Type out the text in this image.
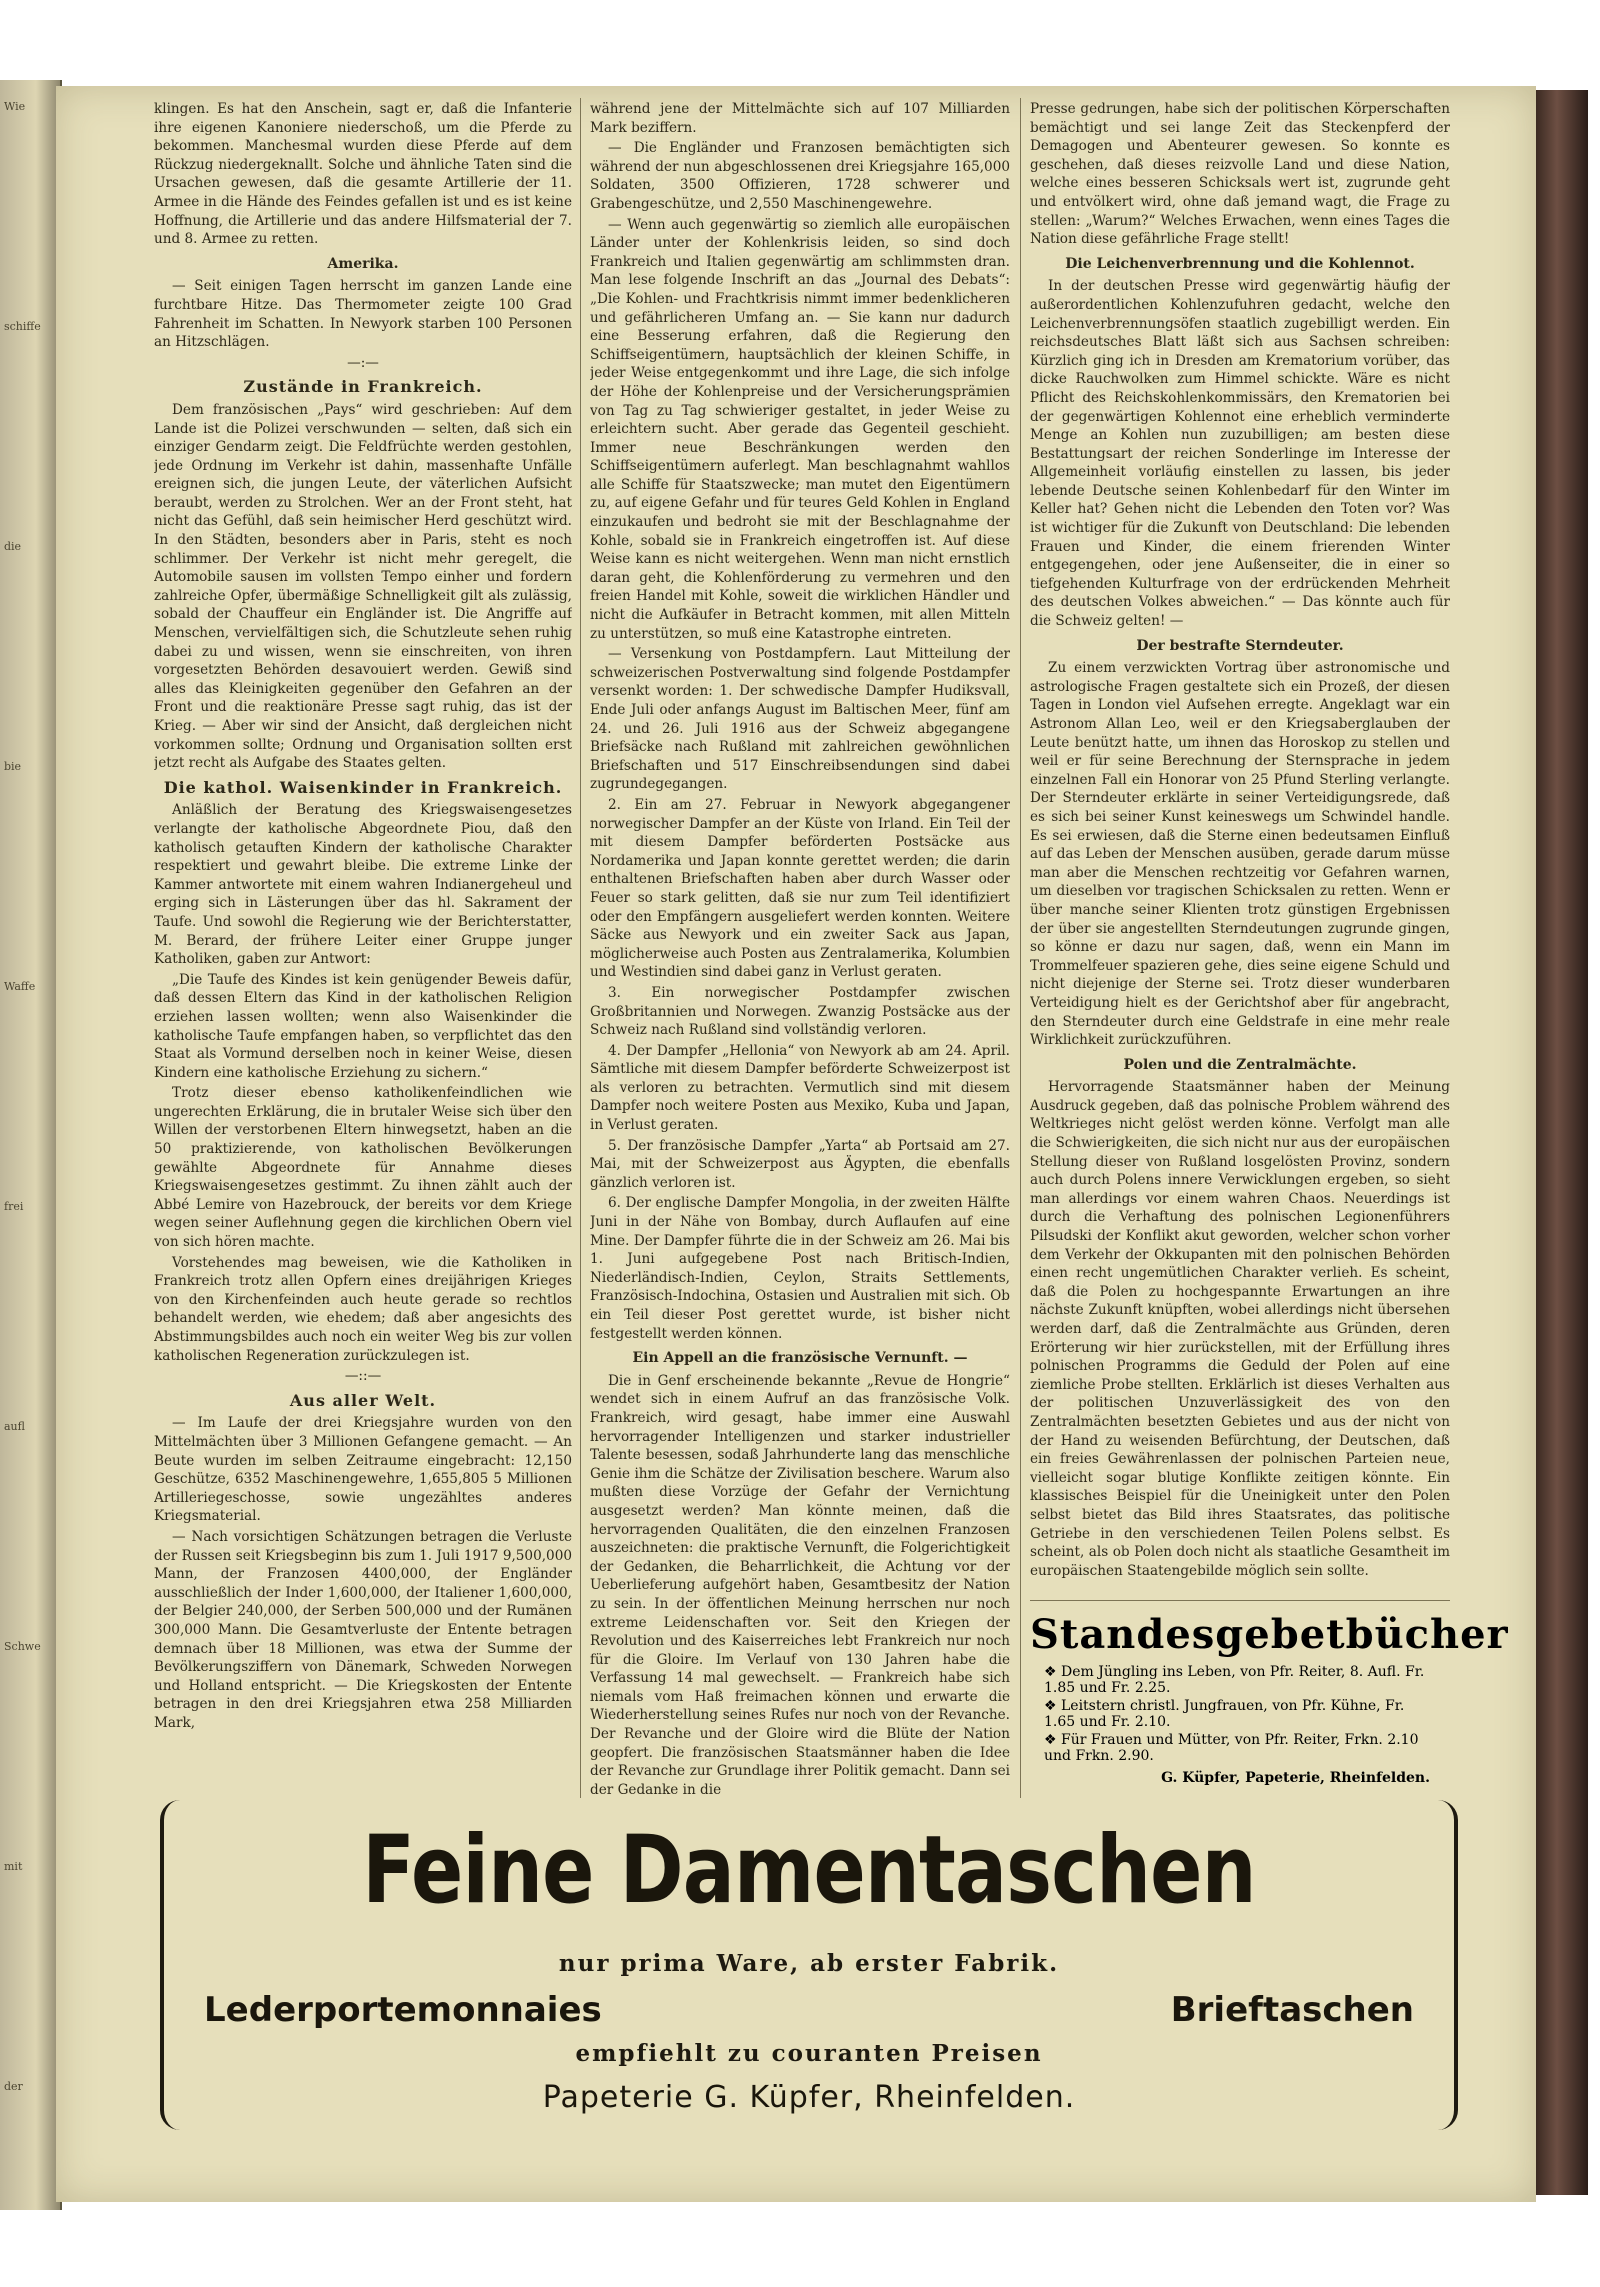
Wie
schiffe
die
bie
Waffe
frei
aufl
Schwe
mit
der

klingen. Es hat den Anschein, sagt er, daß die Infanterie ihre eigenen Kanoniere niederschoß, um die Pferde zu bekommen. Manchesmal wurden diese Pferde auf dem Rückzug niedergeknallt. Solche und ähnliche Taten sind die Ursachen gewesen, daß die gesamte Artillerie der 11. Armee in die Hände des Feindes gefallen ist und es ist keine Hoffnung, die Artillerie und das andere Hilfsmaterial der 7. und 8. Armee zu retten.

Amerika.

— Seit einigen Tagen herrscht im ganzen Lande eine furchtbare Hitze. Das Thermometer zeigte 100 Grad Fahrenheit im Schatten. In Newyork starben 100 Personen an Hitzschlägen.

—:—
Zustände in Frankreich.

Dem französischen „Pays“ wird geschrieben: Auf dem Lande ist die Polizei verschwunden — selten, daß sich ein einziger Gendarm zeigt. Die Feldfrüchte werden gestohlen, jede Ordnung im Verkehr ist dahin, massenhafte Unfälle ereignen sich, die jungen Leute, der väterlichen Aufsicht beraubt, werden zu Strolchen. Wer an der Front steht, hat nicht das Gefühl, daß sein heimischer Herd geschützt wird. In den Städten, besonders aber in Paris, steht es noch schlimmer. Der Verkehr ist nicht mehr geregelt, die Automobile sausen im vollsten Tempo einher und fordern zahlreiche Opfer, übermäßige Schnelligkeit gilt als zulässig, sobald der Chauffeur ein Engländer ist. Die Angriffe auf Menschen, vervielfältigen sich, die Schutzleute sehen ruhig dabei zu und wissen, wenn sie einschreiten, von ihren vorgesetzten Behörden desavouiert werden. Gewiß sind alles das Kleinigkeiten gegenüber den Gefahren an der Front und die reaktionäre Presse sagt ruhig, das ist der Krieg. — Aber wir sind der Ansicht, daß dergleichen nicht vorkommen sollte; Ordnung und Organisation sollten erst jetzt recht als Aufgabe des Staates gelten.

Die kathol. Waisenkinder in Frankreich.

Anläßlich der Beratung des Kriegswaisengesetzes verlangte der katholische Abgeordnete Piou, daß den katholisch getauften Kindern der katholische Charakter respektiert und gewahrt bleibe. Die extreme Linke der Kammer antwortete mit einem wahren Indianergeheul und erging sich in Lästerungen über das hl. Sakrament der Taufe. Und sowohl die Regierung wie der Berichterstatter, M. Berard, der frühere Leiter einer Gruppe junger Katholiken, gaben zur Antwort:

„Die Taufe des Kindes ist kein genügender Beweis dafür, daß dessen Eltern das Kind in der katholischen Religion erziehen lassen wollten; wenn also Waisenkinder die katholische Taufe empfangen haben, so verpflichtet das den Staat als Vormund derselben noch in keiner Weise, diesen Kindern eine katholische Erziehung zu sichern.“

Trotz dieser ebenso katholikenfeindlichen wie ungerechten Erklärung, die in brutaler Weise sich über den Willen der verstorbenen Eltern hinwegsetzt, haben an die 50 praktizierende, von katholischen Bevölkerungen gewählte Abgeordnete für Annahme dieses Kriegswaisengesetzes gestimmt. Zu ihnen zählt auch der Abbé Lemire von Hazebrouck, der bereits vor dem Kriege wegen seiner Auflehnung gegen die kirchlichen Obern viel von sich hören machte.

Vorstehendes mag beweisen, wie die Katholiken in Frankreich trotz allen Opfern eines dreijährigen Krieges von den Kirchenfeinden auch heute gerade so rechtlos behandelt werden, wie ehedem; daß aber angesichts des Abstimmungsbildes auch noch ein weiter Weg bis zur vollen katholischen Regeneration zurückzulegen ist.

—::—
Aus aller Welt.

— Im Laufe der drei Kriegsjahre wurden von den Mittelmächten über 3 Millionen Gefangene gemacht. — An Beute wurden im selben Zeitraume eingebracht: 12,150 Geschütze, 6352 Maschinengewehre, 1,655,805 5 Millionen Artilleriegeschosse, sowie ungezähltes anderes Kriegsmaterial.

— Nach vorsichtigen Schätzungen betragen die Verluste der Russen seit Kriegsbeginn bis zum 1. Juli 1917 9,500,000 Mann, der Franzosen 4400,000, der Engländer ausschließlich der Inder 1,600,000, der Italiener 1,600,000, der Belgier 240,000, der Serben 500,000 und der Rumänen 300,000 Mann. Die Gesamtverluste der Entente betragen demnach über 18 Millionen, was etwa der Summe der Bevölkerungsziffern von Dänemark, Schweden Norwegen und Holland entspricht. — Die Kriegskosten der Entente betragen in den drei Kriegsjahren etwa 258 Milliarden Mark,

während jene der Mittelmächte sich auf 107 Milliarden Mark beziffern.

— Die Engländer und Franzosen bemächtigten sich während der nun abgeschlossenen drei Kriegsjahre 165,000 Soldaten, 3500 Offizieren, 1728 schwerer und Grabengeschütze, und 2,550 Maschinengewehre.

— Wenn auch gegenwärtig so ziemlich alle europäischen Länder unter der Kohlenkrisis leiden, so sind doch Frankreich und Italien gegenwärtig am schlimmsten dran. Man lese folgende Inschrift an das „Journal des Debats“: „Die Kohlen- und Frachtkrisis nimmt immer bedenklicheren und gefährlicheren Umfang an. — Sie kann nur dadurch eine Besserung erfahren, daß die Regierung den Schiffseigentümern, hauptsächlich der kleinen Schiffe, in jeder Weise entgegenkommt und ihre Lage, die sich infolge der Höhe der Kohlenpreise und der Versicherungsprämien von Tag zu Tag schwieriger gestaltet, in jeder Weise zu erleichtern sucht. Aber gerade das Gegenteil geschieht. Immer neue Beschränkungen werden den Schiffseigentümern auferlegt. Man beschlagnahmt wahllos alle Schiffe für Staatszwecke; man mutet den Eigentümern zu, auf eigene Gefahr und für teures Geld Kohlen in England einzukaufen und bedroht sie mit der Beschlagnahme der Kohle, sobald sie in Frankreich eingetroffen ist. Auf diese Weise kann es nicht weitergehen. Wenn man nicht ernstlich daran geht, die Kohlenförderung zu vermehren und den freien Handel mit Kohle, soweit die wirklichen Händler und nicht die Aufkäufer in Betracht kommen, mit allen Mitteln zu unterstützen, so muß eine Katastrophe eintreten.

— Versenkung von Postdampfern. Laut Mitteilung der schweizerischen Postverwaltung sind folgende Postdampfer versenkt worden: 1. Der schwedische Dampfer Hudiksvall, Ende Juli oder anfangs August im Baltischen Meer, fünf am 24. und 26. Juli 1916 aus der Schweiz abgegangene Briefsäcke nach Rußland mit zahlreichen gewöhnlichen Briefschaften und 517 Einschreibsendungen sind dabei zugrundegegangen.

2. Ein am 27. Februar in Newyork abgegangener norwegischer Dampfer an der Küste von Irland. Ein Teil der mit diesem Dampfer beförderten Postsäcke aus Nordamerika und Japan konnte gerettet werden; die darin enthaltenen Briefschaften haben aber durch Wasser oder Feuer so stark gelitten, daß sie nur zum Teil identifiziert oder den Empfängern ausgeliefert werden konnten. Weitere Säcke aus Newyork und ein zweiter Sack aus Japan, möglicherweise auch Posten aus Zentralamerika, Kolumbien und Westindien sind dabei ganz in Verlust geraten.

3. Ein norwegischer Postdampfer zwischen Großbritannien und Norwegen. Zwanzig Postsäcke aus der Schweiz nach Rußland sind vollständig verloren.

4. Der Dampfer „Hellonia“ von Newyork ab am 24. April. Sämtliche mit diesem Dampfer beförderte Schweizerpost ist als verloren zu betrachten. Vermutlich sind mit diesem Dampfer noch weitere Posten aus Mexiko, Kuba und Japan, in Verlust geraten.

5. Der französische Dampfer „Yarta“ ab Portsaid am 27. Mai, mit der Schweizerpost aus Ägypten, die ebenfalls gänzlich verloren ist.

6. Der englische Dampfer Mongolia, in der zweiten Hälfte Juni in der Nähe von Bombay, durch Auflaufen auf eine Mine. Der Dampfer führte die in der Schweiz am 26. Mai bis 1. Juni aufgegebene Post nach Britisch-Indien, Niederländisch-Indien, Ceylon, Straits Settlements, Französisch-Indochina, Ostasien und Australien mit sich. Ob ein Teil dieser Post gerettet wurde, ist bisher nicht festgestellt werden können.

Ein Appell an die französische Vernunft. —

Die in Genf erscheinende bekannte „Revue de Hongrie“ wendet sich in einem Aufruf an das französische Volk. Frankreich, wird gesagt, habe immer eine Auswahl hervorragender Intelligenzen und starker industrieller Talente besessen, sodaß Jahrhunderte lang das menschliche Genie ihm die Schätze der Zivilisation beschere. Warum also mußten diese Vorzüge der Gefahr der Vernichtung ausgesetzt werden? Man könnte meinen, daß die hervorragenden Qualitäten, die den einzelnen Franzosen auszeichneten: die praktische Vernunft, die Folgerichtigkeit der Gedanken, die Beharrlichkeit, die Achtung vor der Ueberlieferung aufgehört haben, Gesamtbesitz der Nation zu sein. In der öffentlichen Meinung herrschen nur noch extreme Leidenschaften vor. Seit den Kriegen der Revolution und des Kaiserreiches lebt Frankreich nur noch für die Gloire. Im Verlauf von 130 Jahren habe die Verfassung 14 mal gewechselt. — Frankreich habe sich niemals vom Haß freimachen können und erwarte die Wiederherstellung seines Rufes nur noch von der Revanche. Der Revanche und der Gloire wird die Blüte der Nation geopfert. Die französischen Staatsmänner haben die Idee der Revanche zur Grundlage ihrer Politik gemacht. Dann sei der Gedanke in die

Presse gedrungen, habe sich der politischen Körperschaften bemächtigt und sei lange Zeit das Steckenpferd der Demagogen und Abenteurer gewesen. So konnte es geschehen, daß dieses reizvolle Land und diese Nation, welche eines besseren Schicksals wert ist, zugrunde geht und entvölkert wird, ohne daß jemand wagt, die Frage zu stellen: „Warum?“ Welches Erwachen, wenn eines Tages die Nation diese gefährliche Frage stellt!

Die Leichenverbrennung und die Kohlennot.

In der deutschen Presse wird gegenwärtig häufig der außerordentlichen Kohlenzufuhren gedacht, welche den Leichenverbrennungsöfen staatlich zugebilligt werden. Ein reichsdeutsches Blatt läßt sich aus Sachsen schreiben: Kürzlich ging ich in Dresden am Krematorium vorüber, das dicke Rauchwolken zum Himmel schickte. Wäre es nicht Pflicht des Reichskohlenkommissärs, den Krematorien bei der gegenwärtigen Kohlennot eine erheblich verminderte Menge an Kohlen nun zuzubilligen; am besten diese Bestattungsart der reichen Sonderlinge im Interesse der Allgemeinheit vorläufig einstellen zu lassen, bis jeder lebende Deutsche seinen Kohlenbedarf für den Winter im Keller hat? Gehen nicht die Lebenden den Toten vor? Was ist wichtiger für die Zukunft von Deutschland: Die lebenden Frauen und Kinder, die einem frierenden Winter entgegengehen, oder jene Außenseiter, die in einer so tiefgehenden Kulturfrage von der erdrückenden Mehrheit des deutschen Volkes abweichen.“ — Das könnte auch für die Schweiz gelten! —

Der bestrafte Sterndeuter.

Zu einem verzwickten Vortrag über astronomische und astrologische Fragen gestaltete sich ein Prozeß, der diesen Tagen in London viel Aufsehen erregte. Angeklagt war ein Astronom Allan Leo, weil er den Kriegsaberglauben der Leute benützt hatte, um ihnen das Horoskop zu stellen und weil er für seine Berechnung der Sternsprache in jedem einzelnen Fall ein Honorar von 25 Pfund Sterling verlangte. Der Sterndeuter erklärte in seiner Verteidigungsrede, daß es sich bei seiner Kunst keineswegs um Schwindel handle. Es sei erwiesen, daß die Sterne einen bedeutsamen Einfluß auf das Leben der Menschen ausüben, gerade darum müsse man aber die Menschen rechtzeitig vor Gefahren warnen, um dieselben vor tragischen Schicksalen zu retten. Wenn er über manche seiner Klienten trotz günstigen Ergebnissen der über sie angestellten Sterndeutungen zugrunde gingen, so könne er dazu nur sagen, daß, wenn ein Mann im Trommelfeuer spazieren gehe, dies seine eigene Schuld und nicht diejenige der Sterne sei. Trotz dieser wunderbaren Verteidigung hielt es der Gerichtshof aber für angebracht, den Sterndeuter durch eine Geldstrafe in eine mehr reale Wirklichkeit zurückzuführen.

Polen und die Zentralmächte.

Hervorragende Staatsmänner haben der Meinung Ausdruck gegeben, daß das polnische Problem während des Weltkrieges nicht gelöst werden könne. Verfolgt man alle die Schwierigkeiten, die sich nicht nur aus der europäischen Stellung dieser von Rußland losgelösten Provinz, sondern auch durch Polens innere Verwicklungen ergeben, so sieht man allerdings vor einem wahren Chaos. Neuerdings ist durch die Verhaftung des polnischen Legionenführers Pilsudski der Konflikt akut geworden, welcher schon vorher dem Verkehr der Okkupanten mit den polnischen Behörden einen recht ungemütlichen Charakter verlieh. Es scheint, daß die Polen zu hochgespannte Erwartungen an ihre nächste Zukunft knüpften, wobei allerdings nicht übersehen werden darf, daß die Zentralmächte aus Gründen, deren Erörterung wir hier zurückstellen, mit der Erfüllung ihres polnischen Programms die Geduld der Polen auf eine ziemliche Probe stellten. Erklärlich ist dieses Verhalten aus der politischen Unzuverlässigkeit des von den Zentralmächten besetzten Gebietes und aus der nicht von der Hand zu weisenden Befürchtung, der Deutschen, daß ein freies Gewährenlassen der polnischen Parteien neue, vielleicht sogar blutige Konflikte zeitigen könnte. Ein klassisches Beispiel für die Uneinigkeit unter den Polen selbst bietet das Bild ihres Staatsrates, das politische Getriebe in den verschiedenen Teilen Polens selbst. Es scheint, als ob Polen doch nicht als staatliche Gesamtheit im europäischen Staatengebilde möglich sein sollte.

Standesgebetbücher
❖ Dem Jüngling ins Leben, von Pfr. Reiter, 8. Aufl. Fr. 1.85 und Fr. 2.25.
❖ Leitstern christl. Jungfrauen, von Pfr. Kühne, Fr. 1.65 und Fr. 2.10.
❖ Für Frauen und Mütter, von Pfr. Reiter, Frkn. 2.10 und Frkn. 2.90.
G. Küpfer, Papeterie, Rheinfelden.
Feine Damentaschen
nur prima Ware, ab erster Fabrik.
Lederportemonnaies	Brieftaschen
empfiehlt zu couranten Preisen
Papeterie G. Küpfer, Rheinfelden.
